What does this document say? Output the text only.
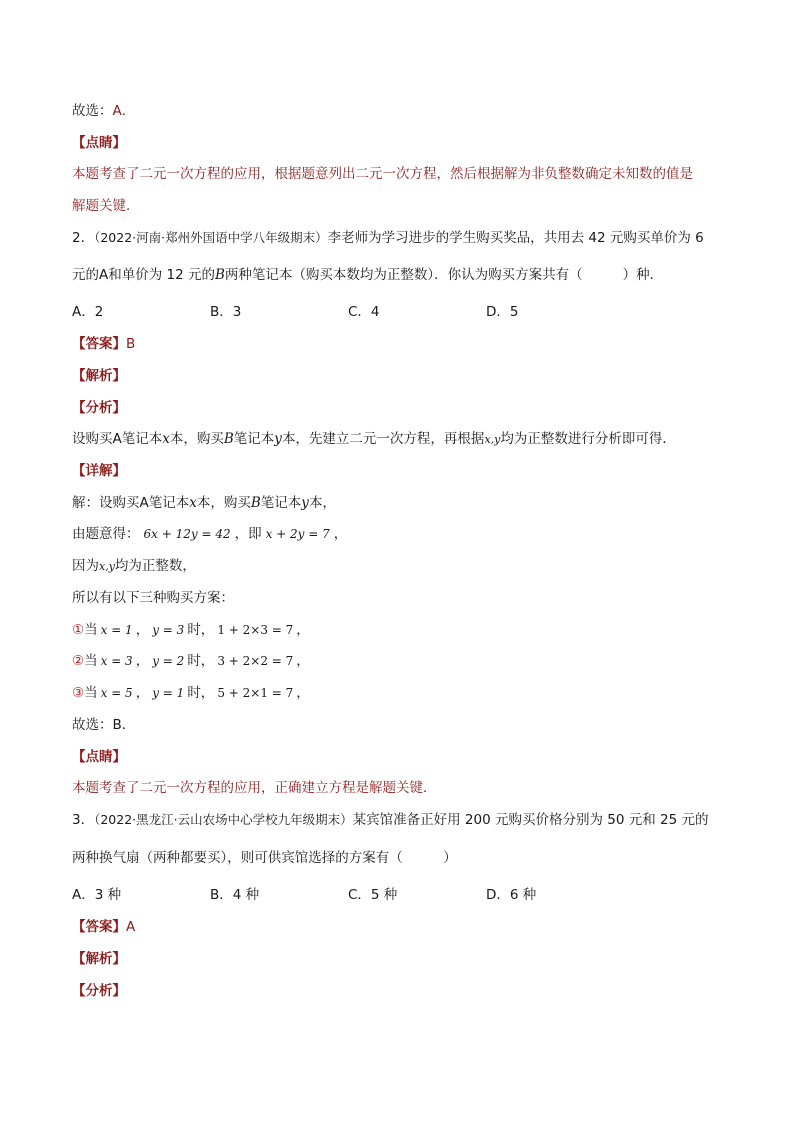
故选：A．
【点睛】
本题考查了二元一次方程的应用，根据题意列出二元一次方程，然后根据解为非负整数确定未知数的值是
解题关键．
2．（2022·河南·郑州外国语中学八年级期末）李老师为学习进步的学生购买奖品，共用去 42 元购买单价为 6
元的A和单价为 12 元的B两种笔记本（购买本数均为正整数）．你认为购买方案共有（	）种．
A．2	B．3	C．4	D．5
【答案】B
【解析】
【分析】
设购买A笔记本x本，购买B笔记本y本，先建立二元一次方程，再根据x,y均为正整数进行分析即可得．
【详解】
解：设购买A笔记本x本，购买B笔记本y本，
由题意得： 6x + 12y = 42 ，即 x + 2y = 7 ，
因为x,y均为正整数，
所以有以下三种购买方案：
①当 x = 1 ， y = 3 时， 1 + 2×3 = 7 ，
②当 x = 3 ， y = 2 时， 3 + 2×2 = 7 ，
③当 x = 5 ， y = 1 时， 5 + 2×1 = 7 ，
故选：B．
【点睛】
本题考查了二元一次方程的应用，正确建立方程是解题关键．
3．（2022·黑龙江·云山农场中心学校九年级期末）某宾馆准备正好用 200 元购买价格分别为 50 元和 25 元的
两种换气扇（两种都要买），则可供宾馆选择的方案有（　　　）
A．3 种	B．4 种	C．5 种	D．6 种
【答案】A
【解析】
【分析】
